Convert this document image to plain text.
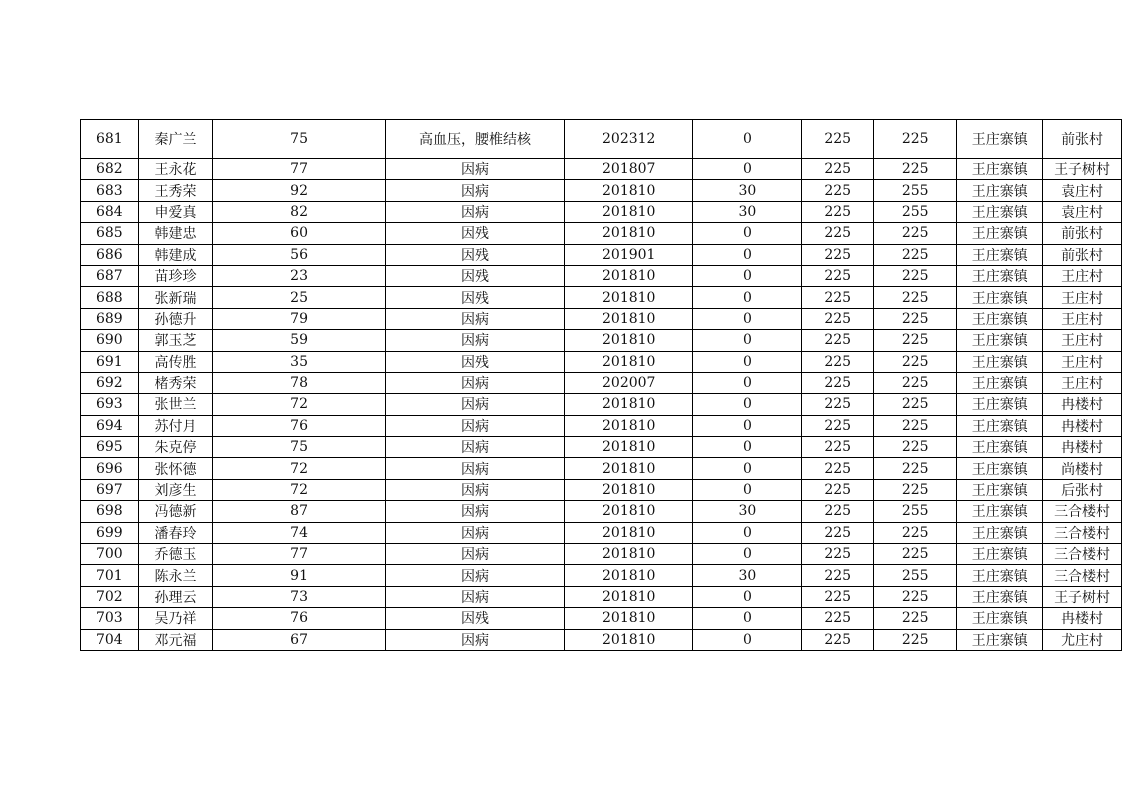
681	秦广兰	75	高血压，腰椎结核	202312	0	225	225	王庄寨镇	前张村
682	王永花	77	因病	201807	0	225	225	王庄寨镇	王子树村
683	王秀荣	92	因病	201810	30	225	255	王庄寨镇	袁庄村
684	申爱真	82	因病	201810	30	225	255	王庄寨镇	袁庄村
685	韩建忠	60	因残	201810	0	225	225	王庄寨镇	前张村
686	韩建成	56	因残	201901	0	225	225	王庄寨镇	前张村
687	苗珍珍	23	因残	201810	0	225	225	王庄寨镇	王庄村
688	张新瑞	25	因残	201810	0	225	225	王庄寨镇	王庄村
689	孙德升	79	因病	201810	0	225	225	王庄寨镇	王庄村
690	郭玉芝	59	因病	201810	0	225	225	王庄寨镇	王庄村
691	高传胜	35	因残	201810	0	225	225	王庄寨镇	王庄村
692	楮秀荣	78	因病	202007	0	225	225	王庄寨镇	王庄村
693	张世兰	72	因病	201810	0	225	225	王庄寨镇	冉楼村
694	苏付月	76	因病	201810	0	225	225	王庄寨镇	冉楼村
695	朱克停	75	因病	201810	0	225	225	王庄寨镇	冉楼村
696	张怀德	72	因病	201810	0	225	225	王庄寨镇	尚楼村
697	刘彦生	72	因病	201810	0	225	225	王庄寨镇	后张村
698	冯德新	87	因病	201810	30	225	255	王庄寨镇	三合楼村
699	潘春玲	74	因病	201810	0	225	225	王庄寨镇	三合楼村
700	乔德玉	77	因病	201810	0	225	225	王庄寨镇	三合楼村
701	陈永兰	91	因病	201810	30	225	255	王庄寨镇	三合楼村
702	孙理云	73	因病	201810	0	225	225	王庄寨镇	王子树村
703	吴乃祥	76	因残	201810	0	225	225	王庄寨镇	冉楼村
704	邓元福	67	因病	201810	0	225	225	王庄寨镇	尤庄村
